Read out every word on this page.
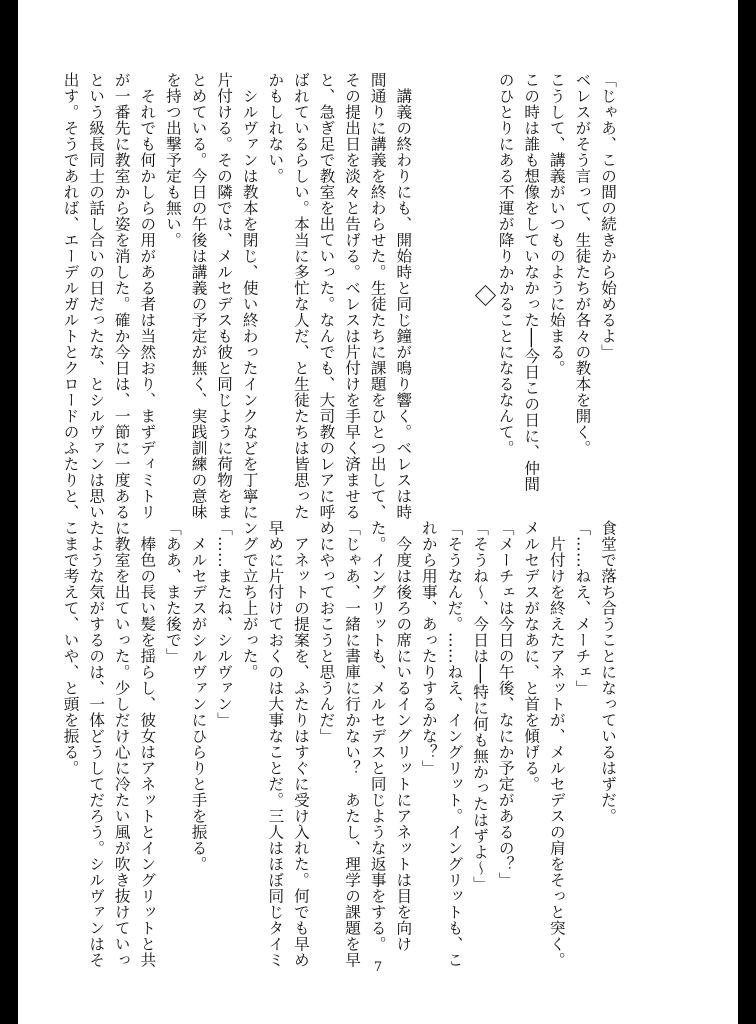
「じゃあ、この間の続きから始めるよ」

ベレスがそう言って、生徒たちが各々の教本を開く。

こうして、講義がいつものように始まる。

この時は誰も想像をしていなかった──今日この日に、仲間

のひとりにある不運が降りかかることになるなんて。

　講義の終わりにも、開始時と同じ鐘が鳴り響く。ベレスは時

間通りに講義を終わらせた。生徒たちに課題をひとつ出して、

その提出日を淡々と告げる。ベレスは片付けを手早く済ませる

と、急ぎ足で教室を出ていった。なんでも、大司教のレアに呼

ばれているらしい。本当に多忙な人だ、と生徒たちは皆思った

かもしれない。

　シルヴァンは教本を閉じ、使い終わったインクなどを丁寧に

片付ける。その隣では、メルセデスも彼と同じように荷物をま

とめている。今日の午後は講義の予定が無く、実践訓練の意味

を持つ出撃予定も無い。

　それでも何かしらの用がある者は当然おり、まずディミトリ

が一番先に教室から姿を消した。確か今日は、一節に一度ある

という級長同士の話し合いの日だったな、とシルヴァンは思い

出す。そうであれば、エーデルガルトとクロードのふたりと、

食堂で落ち合うことになっているはずだ。

「……ねえ、メーチェ」

　片付けを終えたアネットが、メルセデスの肩をそっと突く。

メルセデスがなあに、と首を傾げる。

「メーチェは今日の午後、なにか予定があるの？」

「そうね～、今日は──特に何も無かったはずよ～」

「そうなんだ。……ねえ、イングリット。イングリットも、こ

れから用事、あったりするかな？」

　今度は後ろの席にいるイングリットにアネットは目を向け

た。イングリットも、メルセデスと同じような返事をする。

「じゃあ、一緒に書庫に行かない？　あたし、理学の課題を早

めにやっておこうと思うんだ」

　アネットの提案を、ふたりはすぐに受け入れた。何でも早め

早めに片付けておくのは大事なことだ。三人はほぼ同じタイミ

ングで立ち上がった。

「……またね、シルヴァン」

　メルセデスがシルヴァンにひらりと手を振る。

「ああ、また後で」

　棒色の長い髪を揺らし、彼女はアネットとイングリットと共

に教室を出ていった。少しだけ心に冷たい風が吹き抜けていっ

たような気がするのは、一体どうしてだろう。シルヴァンはそ

こまで考えて、いや、と頭を振る。

7
